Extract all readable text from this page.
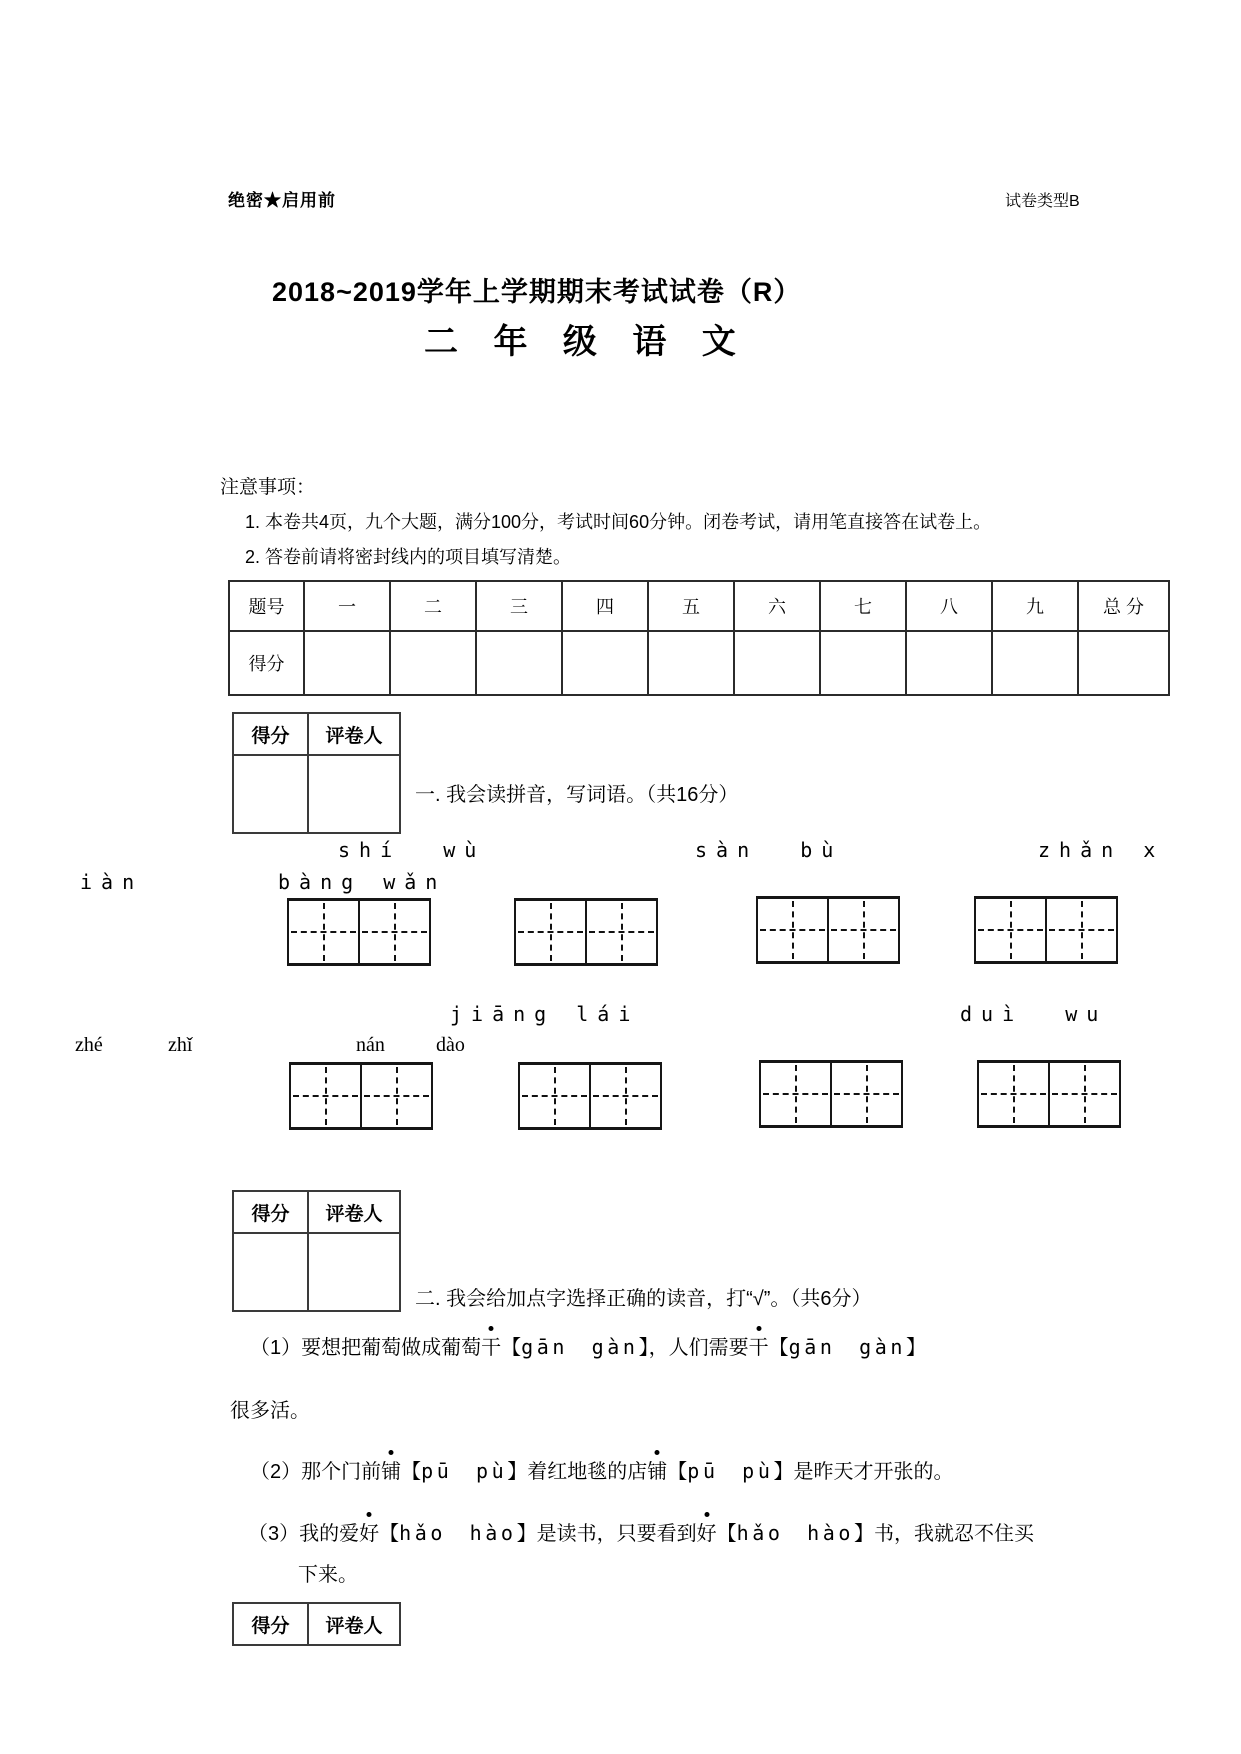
绝密★启用前	试卷类型B
2018~2019学年上学期期末考试试卷（R）
二 年 级 语 文
注意事项：
1. 本卷共4页，九个大题，满分100分，考试时间60分钟。闭卷考试，请用笔直接答在试卷上。
2. 答卷前请将密封线内的项目填写清楚。
题号	一	二	三	四	五	六	七	八	九	总 分
得分										
得分	评卷人
一. 我会读拼音，写词语。（共16分）
shí  wù	sàn  bù	zhǎn x
iàn	bàng wǎn
jiāng lái	duì  wu
zhé	zhǐ	nán	dào
得分	评卷人
二. 我会给加点字选择正确的读音，打“√”。（共6分）
（1）要想把葡萄做成葡萄干【gān　gàn】，人们需要干【gān　gàn】
很多活。
（2）那个门前铺【pū　pù】着红地毯的店铺【pū　pù】是昨天才开张的。
（3）我的爱好【hǎo　hào】是读书，只要看到好【hǎo　hào】书，我就忍不住买
下来。
得分	评卷人
